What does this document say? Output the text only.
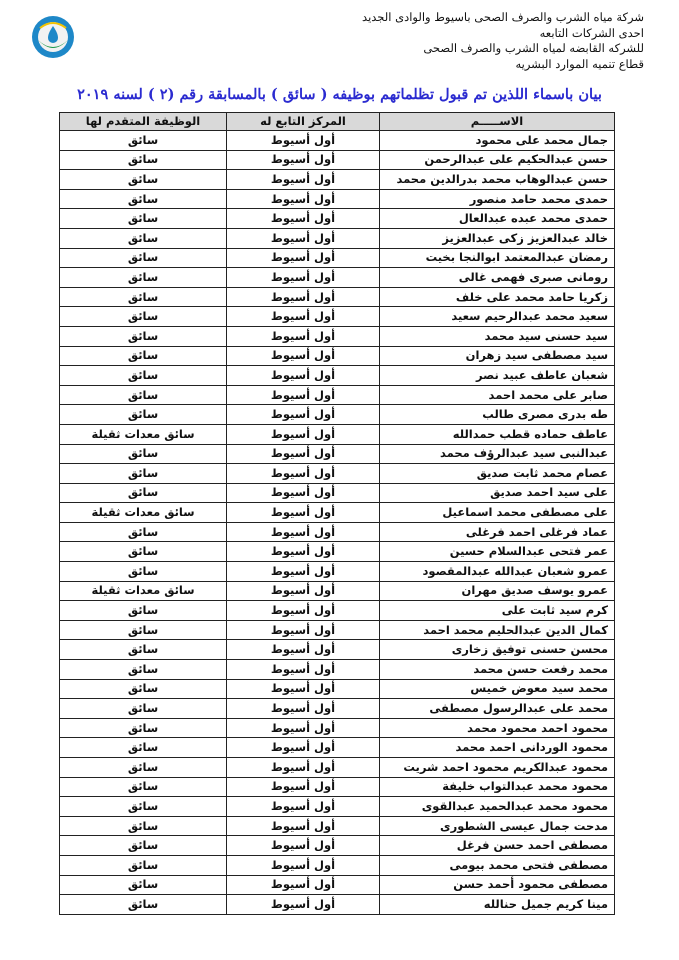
شركة مياه الشرب والصرف الصحى باسيوط والوادى الجديد
احدى الشركات التابعه
للشركه القابضه لمياه الشرب والصرف الصحى
قطاع تنميه الموارد البشريه
بيان باسماء اللذين تم قبول تظلماتهم بوظيفه ( سائق ) بالمسابقة رقم (٢ ) لسنه ٢٠١٩
الاســـــم	المركز التابع له	الوظيفة المتقدم لها
جمال محمد على محمود	أول أسيوط	سائق
حسن عبدالحكيم على عبدالرحمن	أول أسيوط	سائق
حسن عبدالوهاب محمد بدرالدين محمد	أول أسيوط	سائق
حمدى محمد حامد منصور	أول أسيوط	سائق
حمدى محمد عبده عبدالعال	أول أسيوط	سائق
خالد عبدالعزيز زكى عبدالعزيز	أول أسيوط	سائق
رمضان عبدالمعتمد ابوالنجا بخيت	أول أسيوط	سائق
رومانى صبرى فهمى غالى	أول أسيوط	سائق
زكريا حامد محمد على خلف	أول أسيوط	سائق
سعيد محمد عبدالرحيم سعيد	أول أسيوط	سائق
سيد حسنى سيد محمد	أول أسيوط	سائق
سيد مصطفى سيد زهران	أول أسيوط	سائق
شعبان عاطف عبيد نصر	أول أسيوط	سائق
صابر على محمد احمد	أول أسيوط	سائق
طه بدرى مصرى طالب	أول أسيوط	سائق
عاطف حماده قطب حمدالله	أول أسيوط	سائق معدات ثقيلة
عبدالنبى سيد عبدالرؤف محمد	أول أسيوط	سائق
عصام محمد ثابت صديق	أول أسيوط	سائق
على سيد احمد صديق	أول أسيوط	سائق
على مصطفى محمد اسماعيل	أول أسيوط	سائق معدات ثقيلة
عماد فرغلى احمد فرغلى	أول أسيوط	سائق
عمر فتحى عبدالسلام حسين	أول أسيوط	سائق
عمرو شعبان عبدالله عبدالمقصود	أول أسيوط	سائق
عمرو يوسف صديق مهران	أول أسيوط	سائق معدات ثقيلة
كرم سيد ثابت على	أول أسيوط	سائق
كمال الدين عبدالحليم محمد احمد	أول أسيوط	سائق
محسن حسنى توفيق زخارى	أول أسيوط	سائق
محمد رفعت حسن محمد	أول أسيوط	سائق
محمد سيد معوض خميس	أول أسيوط	سائق
محمد على عبدالرسول مصطفى	أول أسيوط	سائق
محمود احمد محمود محمد	أول أسيوط	سائق
محمود الوردانى احمد محمد	أول أسيوط	سائق
محمود عبدالكريم محمود احمد شريت	أول أسيوط	سائق
محمود محمد عبدالتواب خليفة	أول أسيوط	سائق
محمود محمد عبدالحميد عبدالقوى	أول أسيوط	سائق
مدحت جمال عيسى الشطورى	أول أسيوط	سائق
مصطفى احمد حسن فرغل	أول أسيوط	سائق
مصطفى فتحى محمد بيومى	أول أسيوط	سائق
مصطفى محمود أحمد حسن	أول أسيوط	سائق
مينا كريم جميل حنالله	أول أسيوط	سائق
